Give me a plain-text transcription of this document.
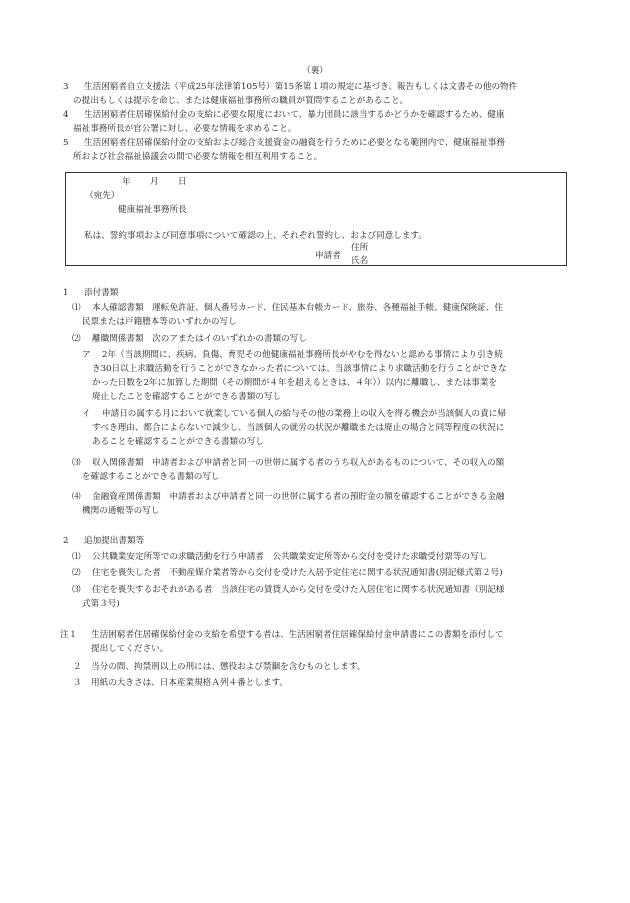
（裏）
3 生活困窮者自立支援法（平成25年法律第105号）第15条第１項の規定に基づき、報告もしくは文書その他の物件
の提出もしくは提示を命じ、または健康福祉事務所の職員が質問することがあること。
4 生活困窮者住居確保給付金の支給に必要な限度において、暴力団員に該当するかどうかを確認するため、健康
福祉事務所長が官公署に対し、必要な情報を求めること。
5 生活困窮者住居確保給付金の支給および総合支援資金の融資を行うために必要となる範囲内で、健康福祉事務
所および社会福祉協議会の間で必要な情報を相互利用すること。
年 月 日
（宛先）
健康福祉事務所長
私は、誓約事項および同意事項について確認の上、それぞれ誓約し、および同意します。
申請者
住所
氏名
1 添付書類
⑴ 本人確認書類　運転免許証、個人番号カード、住民基本台帳カード、旅券、各種福祉手帳、健康保険証、住
民票または戸籍謄本等のいずれかの写し
⑵ 離職関係書類　次のアまたはイのいずれかの書類の写し
ア 2年（当該期間に、疾病、負傷、育児その他健康福祉事務所長がやむを得ないと認める事情により引き続
き30日以上求職活動を行うことができなかった者については、当該事情により求職活動を行うことができな
かった日数を2年に加算した期間（その期間が４年を超えるときは、４年））以内に離職し、または事業を
廃止したことを確認することができる書類の写し
イ 申請日の属する月において就業している個人の給与その他の業務上の収入を得る機会が当該個人の責に帰
すべき理由、都合によらないで減少し、当該個人の就労の状況が離職または廃止の場合と同等程度の状況に
あることを確認することができる書類の写し
⑶ 収入関係書類　申請者および申請者と同一の世帯に属する者のうち収入があるものについて、その収入の額
を確認することができる書類の写し
⑷ 金融資産関係書類　申請者および申請者と同一の世帯に属する者の預貯金の額を確認することができる金融
機関の通帳等の写し
2 追加提出書類等
⑴ 公共職業安定所等での求職活動を行う申請者　公共職業安定所等から交付を受けた求職受付票等の写し
⑵ 住宅を喪失した者　不動産媒介業者等から交付を受けた入居予定住宅に関する状況通知書(別記様式第２号)
⑶ 住宅を喪失するおそれがある者　当該住宅の賃貸人から交付を受けた入居住宅に関する状況通知書（別記様
式第３号)
注１ 生活困窮者住居確保給付金の支給を希望する者は、生活困窮者住居確保給付金申請書にこの書類を添付して
提出してください。
２ 当分の間、拘禁刑以上の刑には、懲役および禁錮を含むものとします。
３ 用紙の大きさは、日本産業規格Ａ列４番とします。
